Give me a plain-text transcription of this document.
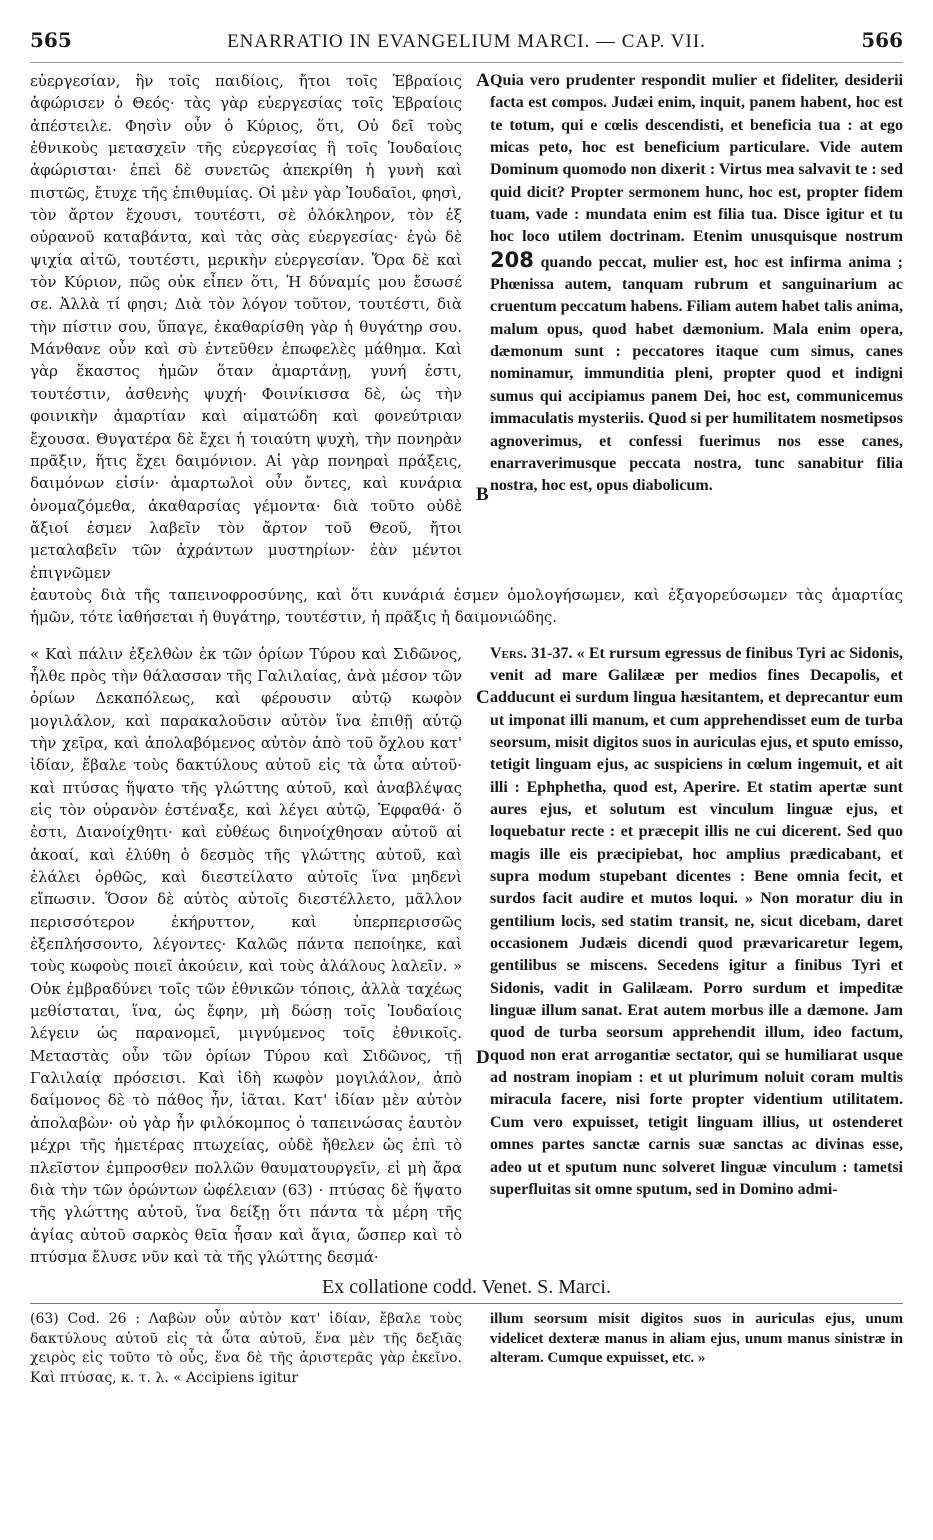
565	ENARRATIO IN EVANGELIUM MARCI. — CAP. VII.	566
A
B
εὐεργεσίαν, ἣν τοῖς παιδίοις, ἤτοι τοῖς Ἑβραίοις ἀφώρισεν ὁ Θεός· τὰς γὰρ εὐεργεσίας τοῖς Ἑβραίοις ἀπέστειλε. Φησὶν οὖν ὁ Κύριος, ὅτι, Οὐ δεῖ τοὺς ἐθνικοὺς μετασχεῖν τῆς εὐεργεσίας ἣ τοῖς Ἰουδαίοις ἀφώρισται· ἐπεὶ δὲ συνετῶς ἀπεκρίθη ἡ γυνὴ καὶ πιστῶς, ἔτυχε τῆς ἐπιθυμίας. Οἱ μὲν γὰρ Ἰουδαῖοι, φησὶ, τὸν ἄρτον ἔχουσι, τουτέστι, σὲ ὁλόκληρον, τὸν ἐξ οὐρανοῦ καταβάντα, καὶ τὰς σὰς εὐεργεσίας· ἐγὼ δὲ ψιχία αἰτῶ, τουτέστι, μερικὴν εὐεργεσίαν. Ὅρα δὲ καὶ τὸν Κύριον, πῶς οὐκ εἶπεν ὅτι, Ἡ δύναμίς μου ἔσωσέ σε. Ἀλλὰ τί φησι; Διὰ τὸν λόγον τοῦτον, τουτέστι, διὰ τὴν πίστιν σου, ὕπαγε, ἐκαθαρίσθη γὰρ ἡ θυγάτηρ σου. Μάνθανε οὖν καὶ σὺ ἐντεῦθεν ἐπωφελὲς μάθημα. Καὶ γὰρ ἕκαστος ἡμῶν ὅταν ἁμαρτάνῃ, γυνή ἐστι, τουτέστιν, ἀσθενὴς ψυχή· Φοινίκισσα δὲ, ὡς τὴν φοινικὴν ἁμαρτίαν καὶ αἱματώδη καὶ φονεύτριαν ἔχουσα. Θυγατέρα δὲ ἔχει ἡ τοιαύτη ψυχὴ, τὴν πονηρὰν πρᾶξιν, ἥτις ἔχει δαιμόνιον. Αἱ γὰρ πονηραὶ πράξεις, δαιμόνων εἰσίν· ἁμαρτωλοὶ οὖν ὄντες, καὶ κυνάρια ὀνομαζόμεθα, ἀκαθαρσίας γέμοντα· διὰ τοῦτο οὐδὲ ἄξιοί ἐσμεν λαβεῖν τὸν ἄρτον τοῦ Θεοῦ, ἤτοι μεταλαβεῖν τῶν ἀχράντων μυστηρίων· ἐὰν μέντοι ἐπιγνῶμεν
Quia vero prudenter respondit mulier et fideliter, desiderii facta est compos. Judæi enim, inquit, panem habent, hoc est te totum, qui e cœlis descendisti, et beneficia tua : at ego micas peto, hoc est beneficium particulare. Vide autem Dominum quomodo non dixerit : Virtus mea salvavit te : sed quid dicit? Propter sermonem hunc, hoc est, propter fidem tuam, vade : mundata enim est filia tua. Disce igitur et tu hoc loco utilem doctrinam. Etenim unusquisque nostrum 208 quando peccat, mulier est, hoc est infirma anima ; Phœnissa autem, tanquam rubrum et sanguinarium ac cruentum peccatum habens. Filiam autem habet talis anima, malum opus, quod habet dæmonium. Mala enim opera, dæmonum sunt : peccatores itaque cum simus, canes nominamur, immunditia pleni, propter quod et indigni sumus qui accipiamus panem Dei, hoc est, communicemus immaculatis mysteriis. Quod si per humilitatem nosmetipsos agnoverimus, et confessi fuerimus nos esse canes, enarraverimusque peccata nostra, tunc sanabitur filia nostra, hoc est, opus diabolicum.
ἑαυτοὺς διὰ τῆς ταπεινοφροσύνης, καὶ ὅτι κυνάριά ἐσμεν ὁμολογήσωμεν, καὶ ἐξαγορεύσωμεν τὰς ἁμαρτίας ἡμῶν, τότε ἰαθήσεται ἡ θυγάτηρ, τουτέστιν, ἡ πρᾶξις ἡ δαιμονιώδης.
C
D
« Καὶ πάλιν ἐξελθὼν ἐκ τῶν ὁρίων Τύρου καὶ Σιδῶνος, ἦλθε πρὸς τὴν θάλασσαν τῆς Γαλιλαίας, ἀνὰ μέσον τῶν ὁρίων Δεκαπόλεως, καὶ φέρουσιν αὐτῷ κωφὸν μογιλάλον, καὶ παρακαλοῦσιν αὐτὸν ἵνα ἐπιθῇ αὐτῷ τὴν χεῖρα, καὶ ἀπολαβόμενος αὐτὸν ἀπὸ τοῦ ὄχλου κατ' ἰδίαν, ἔβαλε τοὺς δακτύλους αὐτοῦ εἰς τὰ ὦτα αὐτοῦ· καὶ πτύσας ἥψατο τῆς γλώττης αὐτοῦ, καὶ ἀναβλέψας εἰς τὸν οὐρανὸν ἐστέναξε, καὶ λέγει αὐτῷ, Ἐφφαθά· ὅ ἐστι, Διανοίχθητι· καὶ εὐθέως διηνοίχθησαν αὐτοῦ αἱ ἀκοαί, καὶ ἐλύθη ὁ δεσμὸς τῆς γλώττης αὐτοῦ, καὶ ἐλάλει ὀρθῶς, καὶ διεστείλατο αὐτοῖς ἵνα μηδενὶ εἴπωσιν. Ὅσον δὲ αὐτὸς αὐτοῖς διεστέλλετο, μᾶλλον περισσότερον ἐκήρυττον, καὶ ὑπερπερισσῶς ἐξεπλήσσοντο, λέγοντες· Καλῶς πάντα πεποίηκε, καὶ τοὺς κωφοὺς ποιεῖ ἀκούειν, καὶ τοὺς ἀλάλους λαλεῖν. » Οὐκ ἐμβραδύνει τοῖς τῶν ἐθνικῶν τόποις, ἀλλὰ ταχέως μεθίσταται, ἵνα, ὡς ἔφην, μὴ δώσῃ τοῖς Ἰουδαίοις λέγειν ὡς παρανομεῖ, μιγνύμενος τοῖς ἐθνικοῖς. Μεταστὰς οὖν τῶν ὁρίων Τύρου καὶ Σιδῶνος, τῇ Γαλιλαίᾳ πρόσεισι. Καὶ ἰδὴ κωφὸν μογιλάλον, ἀπὸ δαίμονος δὲ τὸ πάθος ἦν, ἰᾶται. Κατ' ἰδίαν μὲν αὐτὸν ἀπολαβὼν· οὐ γὰρ ἦν φιλόκομπος ὁ ταπεινώσας ἑαυτὸν μέχρι τῆς ἡμετέρας πτωχείας, οὐδὲ ἤθελεν ὡς ἐπὶ τὸ πλεῖστον ἐμπροσθεν πολλῶν θαυματουργεῖν, εἰ μὴ ἄρα διὰ τὴν τῶν ὁρώντων ὠφέλειαν (63) · πτύσας δὲ ἥψατο τῆς γλώττης αὐτοῦ, ἵνα δείξῃ ὅτι πάντα τὰ μέρη τῆς ἁγίας αὐτοῦ σαρκὸς θεῖα ἦσαν καὶ ἅγια, ὥσπερ καὶ τὸ πτύσμα ἔλυσε νῦν καὶ τὰ τῆς γλώττης δεσμά·
Vers. 31-37. « Et rursum egressus de finibus Tyri ac Sidonis, venit ad mare Galilææ per medios fines Decapolis, et adducunt ei surdum lingua hæsitantem, et deprecantur eum ut imponat illi manum, et cum apprehendisset eum de turba seorsum, misit digitos suos in auriculas ejus, et sputo emisso, tetigit linguam ejus, ac suspiciens in cœlum ingemuit, et ait illi : Ephphetha, quod est, Aperire. Et statim apertæ sunt aures ejus, et solutum est vinculum linguæ ejus, et loquebatur recte : et præcepit illis ne cui dicerent. Sed quo magis ille eis præcipiebat, hoc amplius prædicabant, et supra modum stupebant dicentes : Bene omnia fecit, et surdos facit audire et mutos loqui. » Non moratur diu in gentilium locis, sed statim transit, ne, sicut dicebam, daret occasionem Judæis dicendi quod prævaricaretur legem, gentilibus se miscens. Secedens igitur a finibus Tyri et Sidonis, vadit in Galilæam. Porro surdum et impeditæ linguæ illum sanat. Erat autem morbus ille a dæmone. Jam quod de turba seorsum apprehendit illum, ideo factum, quod non erat arrogantiæ sectator, qui se humiliarat usque ad nostram inopiam : et ut plurimum noluit coram multis miracula facere, nisi forte propter videntium utilitatem. Cum vero expuisset, tetigit linguam illius, ut ostenderet omnes partes sanctæ carnis suæ sanctas ac divinas esse, adeo ut et sputum nunc solveret linguæ vinculum : tametsi superfluitas sit omne sputum, sed in Domino admi-
Ex collatione codd. Venet. S. Marci.
(63) Cod. 26 : Λαβὼν οὖν αὐτὸν κατ' ἰδίαν, ἔβαλε τοὺς δακτύλους αὐτοῦ εἰς τὰ ὦτα αὐτοῦ, ἕνα μὲν τῆς δεξιᾶς χειρὸς εἰς τοῦτο τὸ οὖς, ἕνα δὲ τῆς ἀριστερᾶς γὰρ ἐκεῖνο. Καὶ πτύσας, κ. τ. λ. « Accipiens igitur
illum seorsum misit digitos suos in auriculas ejus, unum videlicet dexteræ manus in aliam ejus, unum manus sinistræ in alteram. Cumque expuisset, etc. »
